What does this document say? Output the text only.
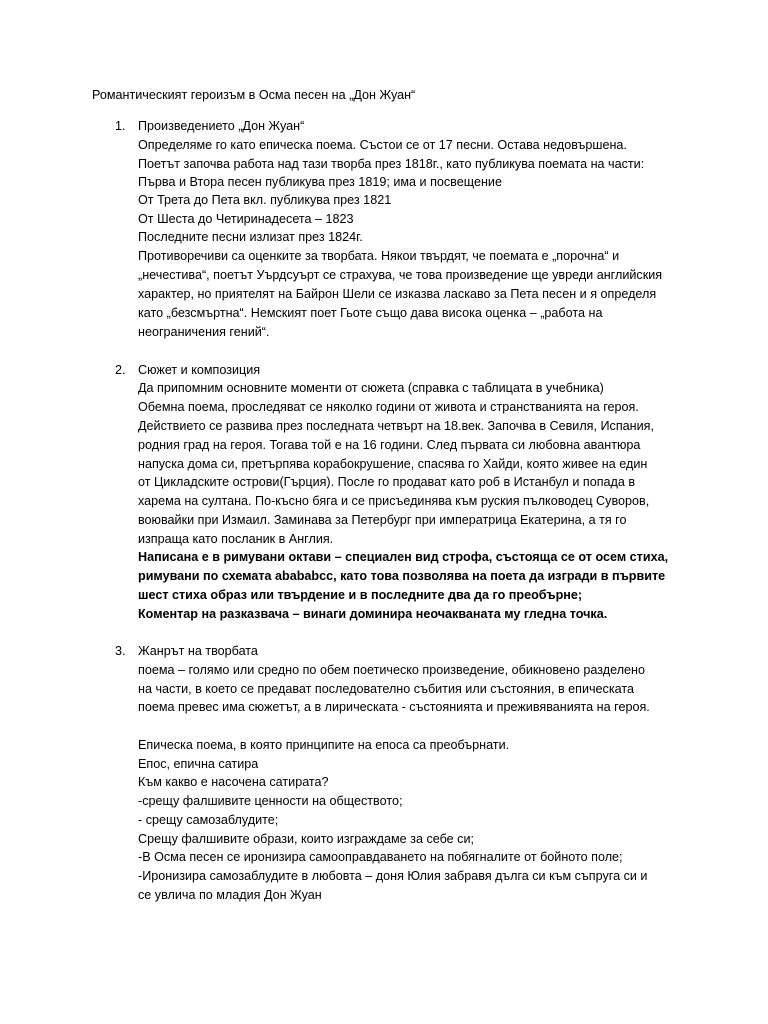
Романтическият героизъм в Осма песен на „Дон Жуан“
1. Произведението „Дон Жуан“
Определяме го като епическа поема. Състои се от 17 песни. Остава недовършена.
Поетът започва работа над тази творба през 1818г., като публикува поемата на части:
Първа и Втора песен публикува през 1819; има и посвещение
От Трета до Пета вкл. публикува през 1821
От Шеста до Четиринадесета – 1823
Последните песни излизат през 1824г.
Противоречиви са оценките за творбата. Някои твърдят, че поемата е „порочна“ и
„нечестива“, поетът Уърдсуърт се страхува, че това произведение ще увреди английския
характер, но приятелят на Байрон Шели се изказва ласкаво за Пета песен и я определя
като „безсмъртна“. Немският поет Гьоте също дава висока оценка – „работа на
неограничения гений“.
2. Сюжет и композиция
Да припомним основните моменти от сюжета (справка с таблицата в учебника)
Обемна поема, проследяват се няколко години от живота и странстванията на героя.
Действието се развива през последната четвърт на 18.век. Започва в Севиля, Испания,
родния град на героя. Тогава той е на 16 години. След първата си любовна авантюра
напуска дома си, претърпява корабокрушение, спасява го Хайди, която живее на един
от Цикладските острови(Гърция). После го продават като роб в Истанбул и попада в
харема на султана. По-късно бяга и се присъединява към руския пълководец Суворов,
воювайки при Измаил. Заминава за Петербург при императрица Екатерина, а тя го
изпраща като посланик в Англия.
Написана е в римувани октави – специален вид строфа, състояща се от осем стиха,
римувани по схемата abababcc, като това позволява на поета да изгради в първите
шест стиха образ или твърдение и в последните два да го преобърне;
Коментар на разказвача – винаги доминира неочакваната му гледна точка.
3. Жанрът на творбата
поема – голямо или средно по обем поетическо произведение, обикновено разделено
на части, в което се предават последователно събития или състояния, в епическата
поема превес има сюжетът, а в лирическата - състоянията и преживяванията на героя.
Епическа поема, в която принципите на епоса са преобърнати.
Епос, епична сатира
Към какво е насочена сатирата?
-срещу фалшивите ценности на обществото;
- срещу самозаблудите;
Срещу фалшивите образи, които изграждаме за себе си;
-В Осма песен се иронизира самооправдаването на побягналите от бойното поле;
-Иронизира самозаблудите в любовта – доня Юлия забравя дълга си към съпруга си и
се увлича по младия Дон Жуан
